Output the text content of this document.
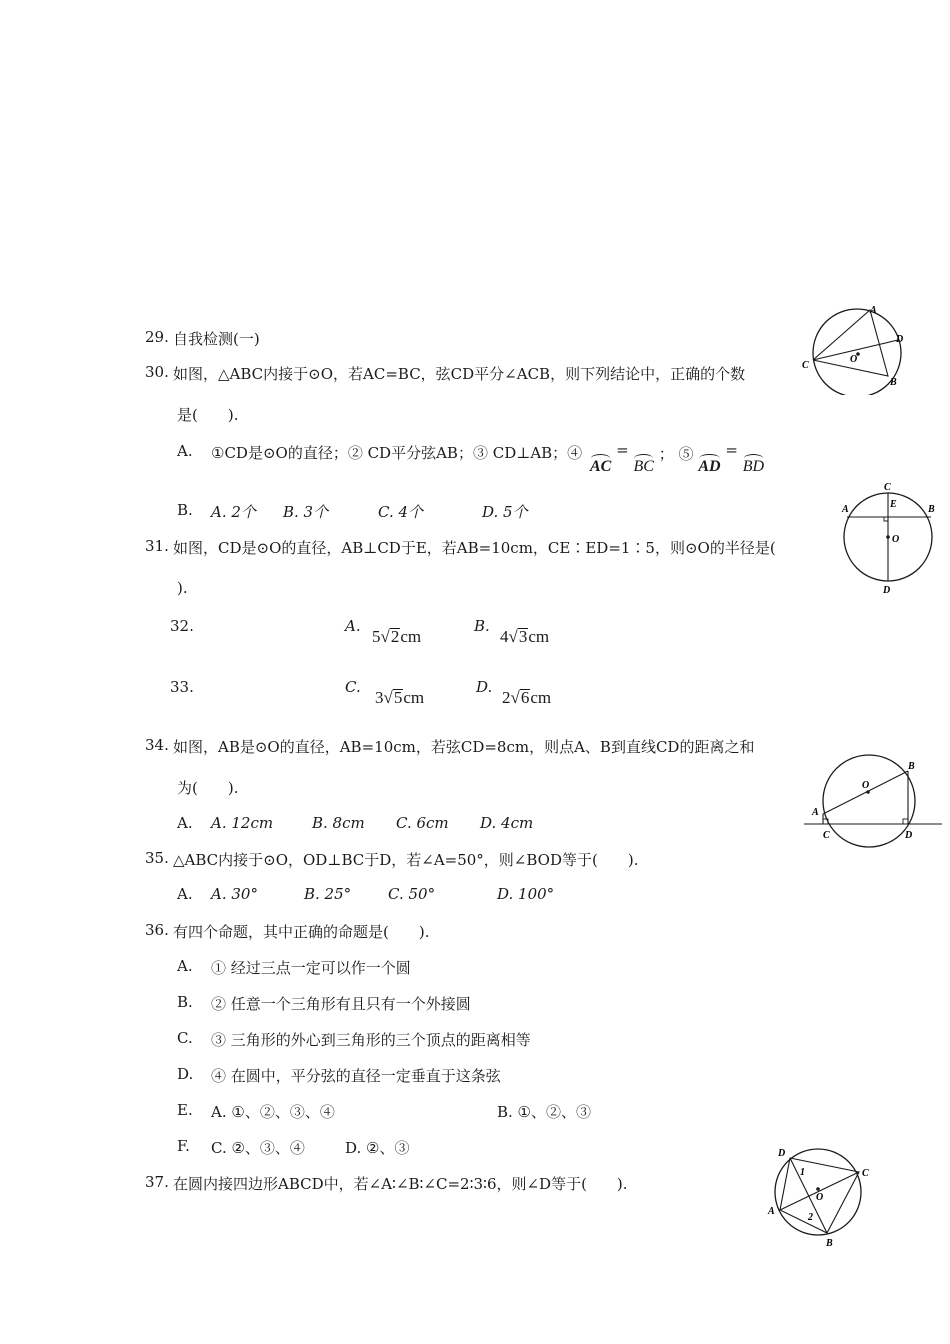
29. 自我检测(一)
30. 如图，△ABC内接于⊙O，若AC=BC，弦CD平分∠ACB，则下列结论中，正确的个数
是(　　).
A. ①CD是⊙O的直径；② CD平分弦AB；③ CD⊥AB；④
AC = BC ； ⑤ AD = BD
B. A. 2个 B. 3个	C. 4个	D. 5个
31. 如图，CD是⊙O的直径，AB⊥CD于E，若AB=10cm，CE∶ED=1∶5，则⊙O的半径是(
).
32.	A.
5√2cm
B.
4√3cm
33.	C.
3√5cm
D.
2√6cm
34. 如图，AB是⊙O的直径，AB=10cm，若弦CD=8cm，则点A、B到直线CD的距离之和
为(　　).
A. A. 12cm	B. 8cm C. 6cm D. 4cm
35. △ABC内接于⊙O，OD⊥BC于D，若∠A=50°，则∠BOD等于(　　).
A. A. 30°	B. 25° C. 50°	D. 100°
36. 有四个命题，其中正确的命题是(　　).
A. ① 经过三点一定可以作一个圆
B. ② 任意一个三角形有且只有一个外接圆
C. ③ 三角形的外心到三角形的三个顶点的距离相等
D. ④ 在圆中，平分弦的直径一定垂直于这条弦
E. A. ①、②、③、④	B. ①、②、③
F. C. ②、③、④	D. ②、③
37. 在圆内接四边形ABCD中，若∠A∶∠B∶∠C=2∶3∶6，则∠D等于(　　).
A
B
C
D
O
C
E
A	B
O
D
O
B
A
C	D
D
C
A
B
O
1
2
